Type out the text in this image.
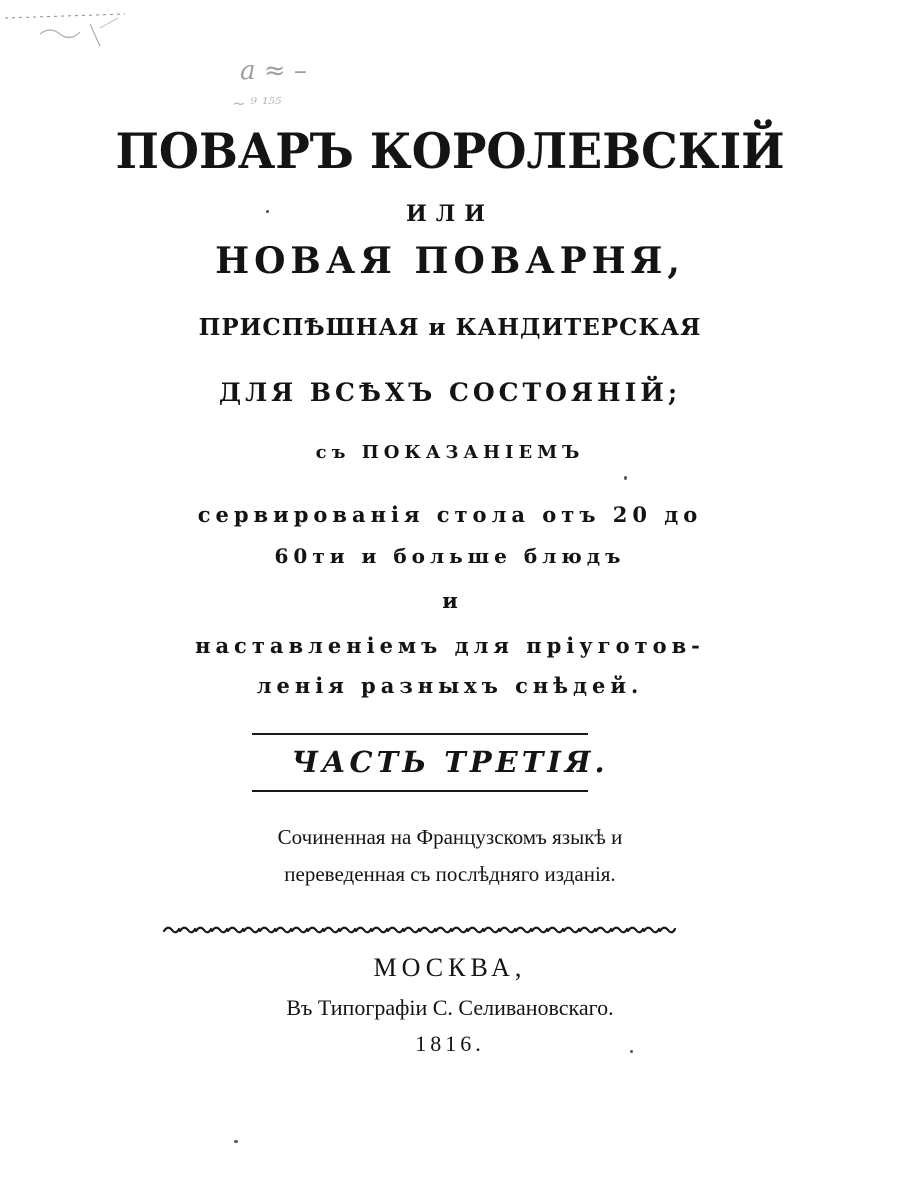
𝑎 ≈ –
~ ⁹ ¹⁵⁵
ПОВАРЪ КОРОЛЕВСКІЙ
ИЛИ
НОВАЯ ПОВАРНЯ,
ПРИСПѢШНАЯ и КАНДИТЕРСКАЯ
ДЛЯ ВСѢХЪ СОСТОЯНІЙ;
съ ПОКАЗАНІЕМЪ
сервированія стола отъ 20 до
60ти и больше блюдъ
и
наставленіемъ для пріуготов-
ленія разныхъ снѣдей.
ЧАСТЬ ТРЕТІЯ.
Сочиненная на Французскомъ языкѣ и
переведенная съ послѣдняго изданія.
МОСКВА,
Въ Типографіи С. Селивановскаго.
1816.
